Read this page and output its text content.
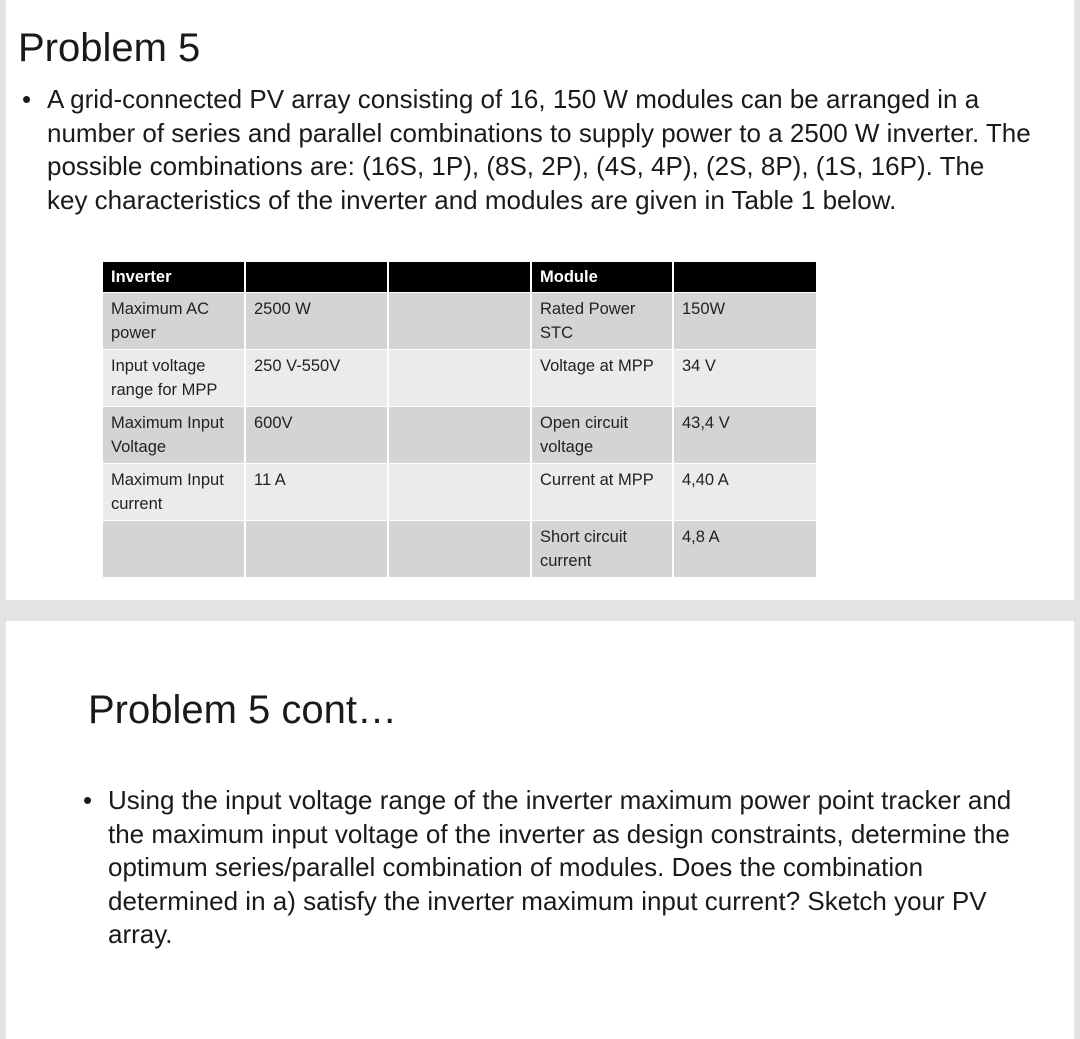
Problem 5
• A grid-connected PV array consisting of 16, 150 W modules can be arranged in a number of series and parallel combinations to supply power to a 2500 W inverter. The possible combinations are: (16S, 1P), (8S, 2P), (4S, 4P), (2S, 8P), (1S, 16P). The key characteristics of the inverter and modules are given in Table 1 below.
Inverter			Module	
Maximum AC power	2500 W		Rated Power STC	150W
Input voltage range for MPP	250 V-550V		Voltage at MPP	34 V
Maximum Input Voltage	600V		Open circuit voltage	43,4 V
Maximum Input current	11 A		Current at MPP	4,40 A
			Short circuit current	4,8 A
Problem 5 cont…
• Using the input voltage range of the inverter maximum power point tracker and the maximum input voltage of the inverter as design constraints, determine the optimum series/parallel combination of modules. Does the combination determined in a) satisfy the inverter maximum input current? Sketch your PV array.
